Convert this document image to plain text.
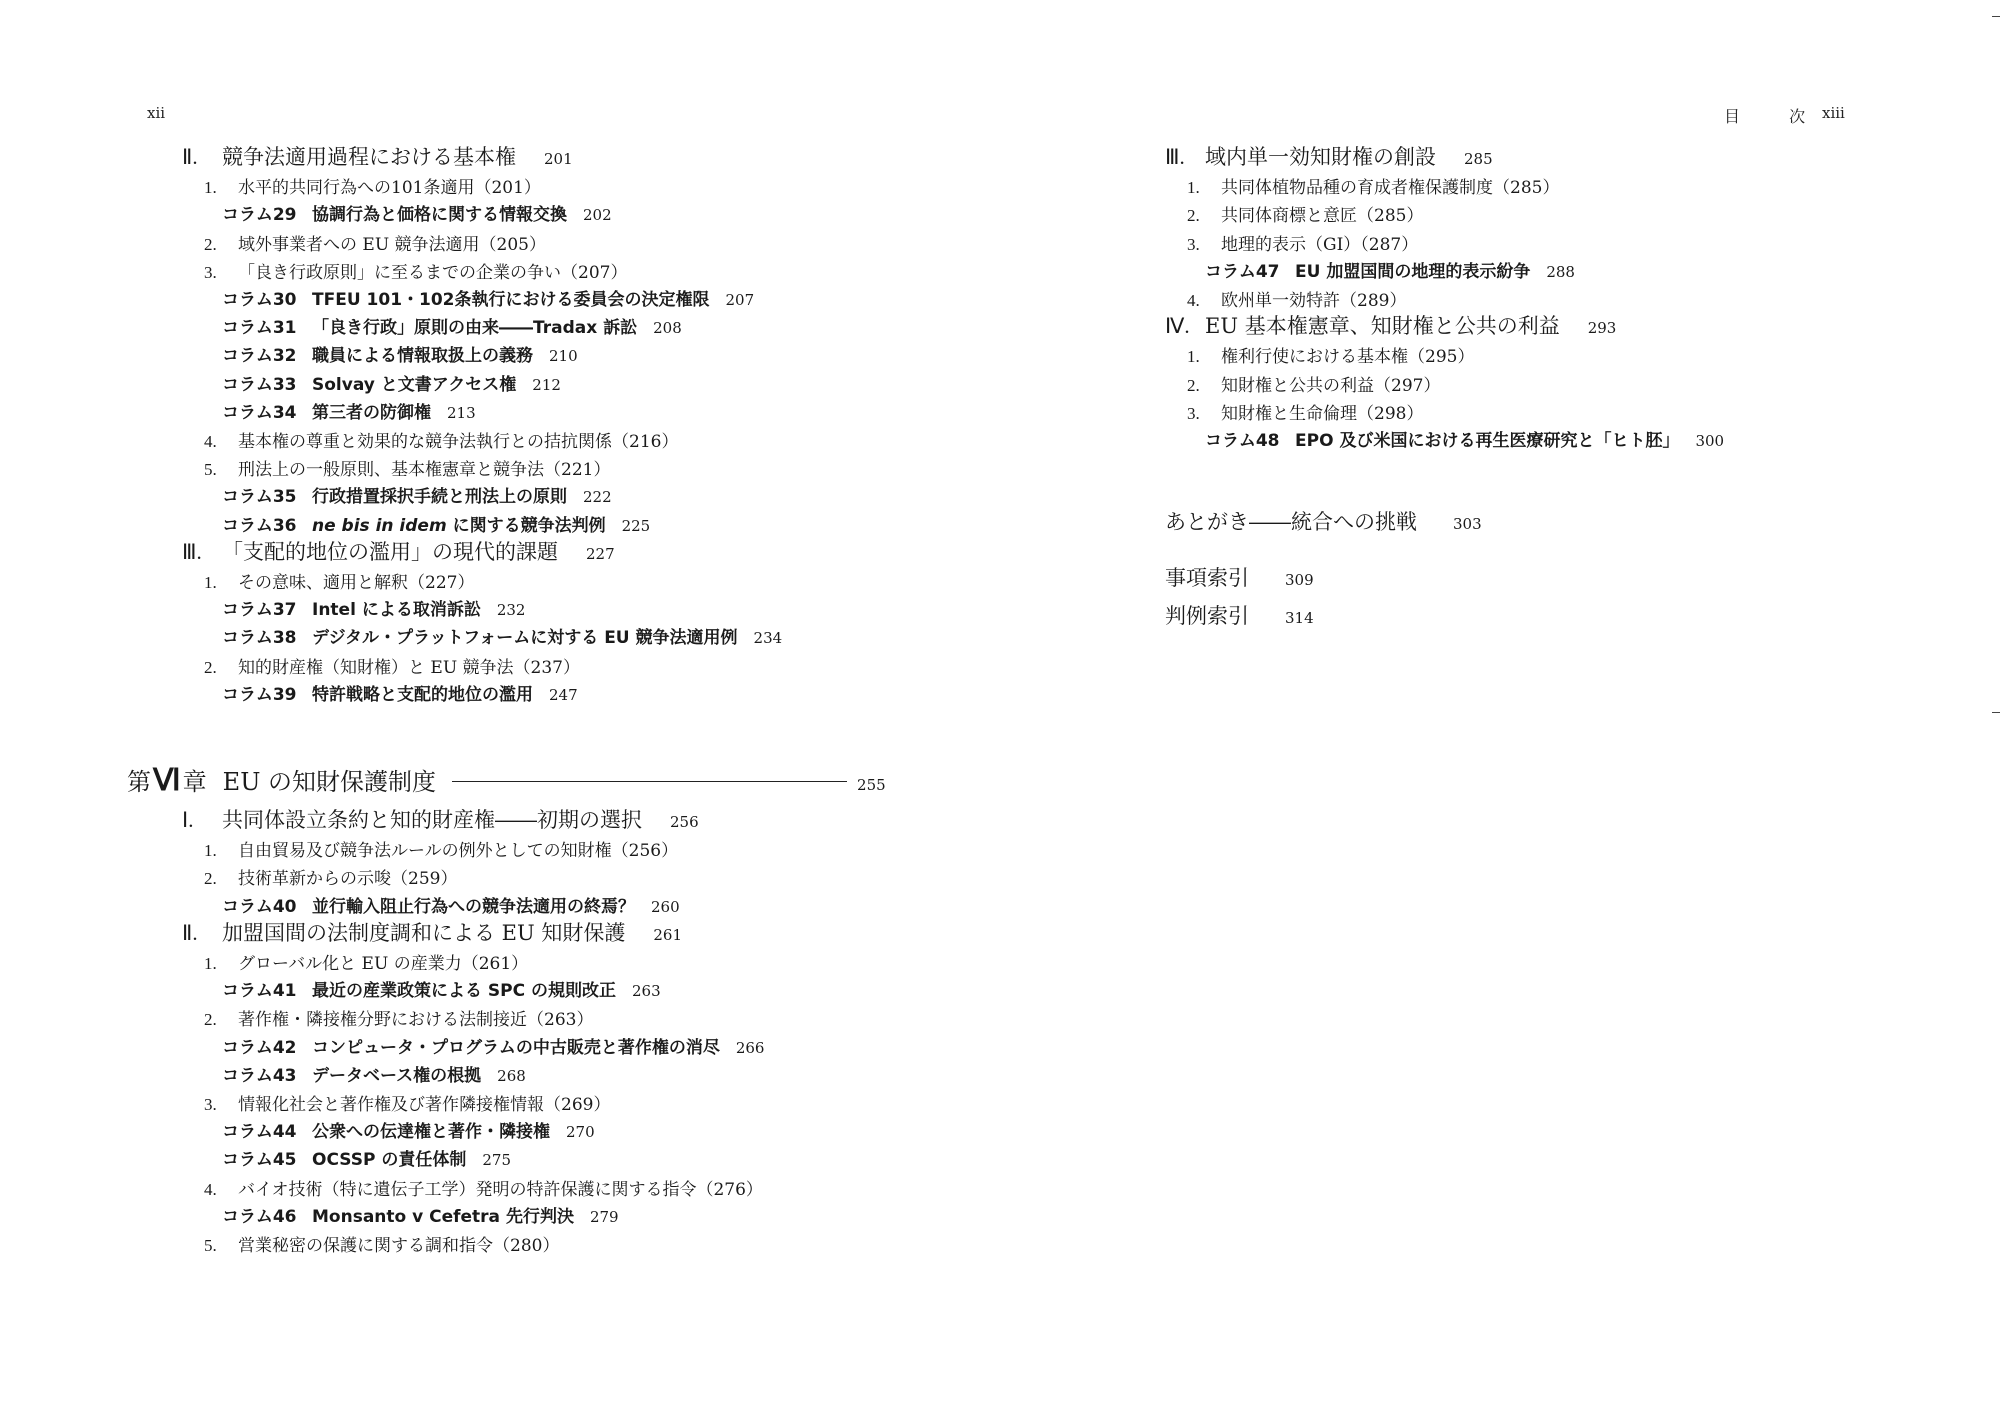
xii
Ⅱ. 競争法適用過程における基本権 201
1. 水平的共同行為への101条適用（201）
コラム29 協調行為と価格に関する情報交換 202
2. 域外事業者への EU 競争法適用（205）
3. 「良き行政原則」に至るまでの企業の争い（207）
コラム30 TFEU 101・102条執行における委員会の決定権限 207
コラム31 「良き行政」原則の由来――Tradax 訴訟 208
コラム32 職員による情報取扱上の義務 210
コラム33 Solvay と文書アクセス権 212
コラム34 第三者の防御権 213
4. 基本権の尊重と効果的な競争法執行との拮抗関係（216）
5. 刑法上の一般原則、基本権憲章と競争法（221）
コラム35 行政措置採択手続と刑法上の原則 222
コラム36 ne bis in idem に関する競争法判例 225
Ⅲ. 「支配的地位の濫用」の現代的課題 227
1. その意味、適用と解釈（227）
コラム37 Intel による取消訴訟 232
コラム38 デジタル・プラットフォームに対する EU 競争法適用例 234
2. 知的財産権（知財権）と EU 競争法（237）
コラム39 特許戦略と支配的地位の濫用 247
第 Ⅵ 章 EU の知財保護制度	255
Ⅰ. 共同体設立条約と知的財産権――初期の選択 256
1. 自由貿易及び競争法ルールの例外としての知財権（256）
2. 技術革新からの示唆（259）
コラム40 並行輸入阻止行為への競争法適用の終焉？ 260
Ⅱ. 加盟国間の法制度調和による EU 知財保護 261
1. グローバル化と EU の産業力（261）
コラム41 最近の産業政策による SPC の規則改正 263
2. 著作権・隣接権分野における法制接近（263）
コラム42 コンピュータ・プログラムの中古販売と著作権の消尽 266
コラム43 データベース権の根拠 268
3. 情報化社会と著作権及び著作隣接権情報（269）
コラム44 公衆への伝達権と著作・隣接権 270
コラム45 OCSSP の責任体制 275
4. バイオ技術（特に遺伝子工学）発明の特許保護に関する指令（276）
コラム46 Monsanto v Cefetra 先行判決 279
5. 営業秘密の保護に関する調和指令（280）
目 次
xiii
Ⅲ. 域内単一効知財権の創設 285
1. 共同体植物品種の育成者権保護制度（285）
2. 共同体商標と意匠（285）
3. 地理的表示（GI）（287）
コラム47 EU 加盟国間の地理的表示紛争 288
4. 欧州単一効特許（289）
Ⅳ. EU 基本権憲章、知財権と公共の利益 293
1. 権利行使における基本権（295）
2. 知財権と公共の利益（297）
3. 知財権と生命倫理（298）
コラム48 EPO 及び米国における再生医療研究と「ヒト胚」 300
あとがき――統合への挑戦 303
事項索引 309
判例索引 314
